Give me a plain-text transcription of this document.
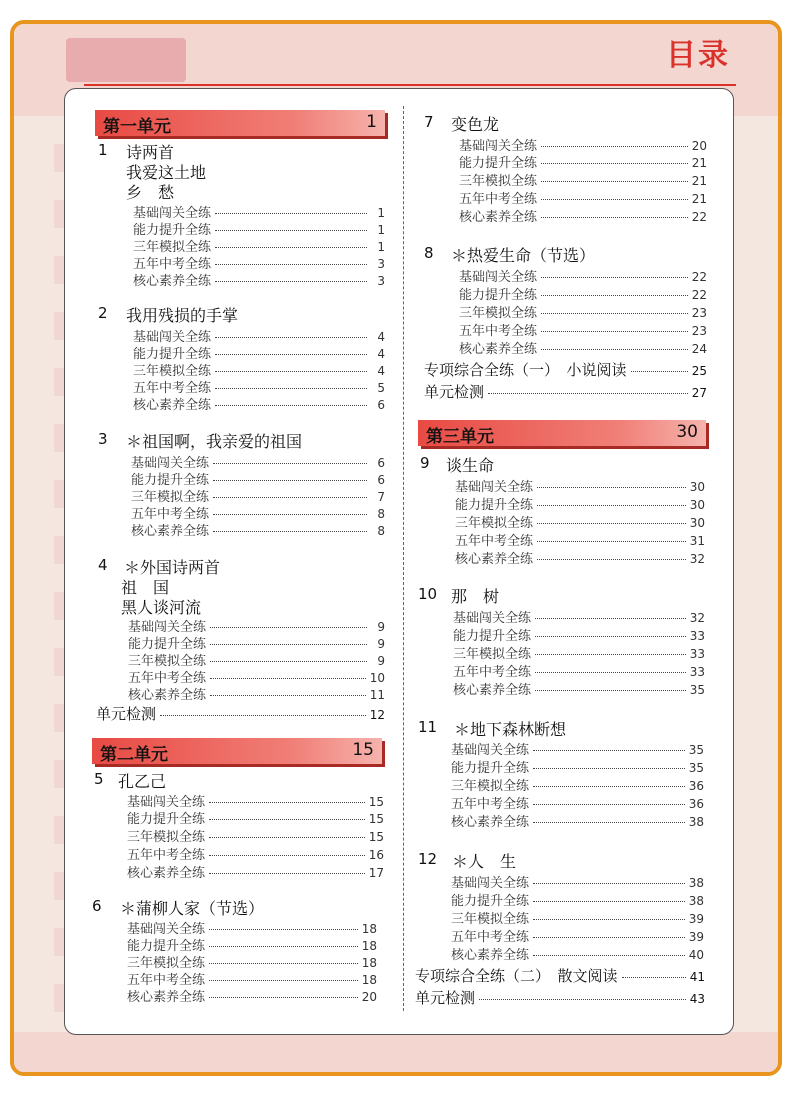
目录
第一单元	1
1 诗两首
我爱这土地
乡　愁
基础闯关全练	1
能力提升全练	1
三年模拟全练	1
五年中考全练	3
核心素养全练	3
2 我用残损的手掌
基础闯关全练	4
能力提升全练	4
三年模拟全练	4
五年中考全练	5
核心素养全练	6
3 ＊祖国啊，我亲爱的祖国
基础闯关全练	6
能力提升全练	6
三年模拟全练	7
五年中考全练	8
核心素养全练	8
4 ＊外国诗两首
祖　国
黑人谈河流
基础闯关全练	9
能力提升全练	9
三年模拟全练	9
五年中考全练	10
核心素养全练	11
单元检测	12
第二单元	15
5 孔乙己
基础闯关全练	15
能力提升全练	15
三年模拟全练	15
五年中考全练	16
核心素养全练	17
6 ＊蒲柳人家（节选）
基础闯关全练	18
能力提升全练	18
三年模拟全练	18
五年中考全练	18
核心素养全练	20
7 变色龙
基础闯关全练	20
能力提升全练	21
三年模拟全练	21
五年中考全练	21
核心素养全练	22
8 ＊热爱生命（节选）
基础闯关全练	22
能力提升全练	22
三年模拟全练	23
五年中考全练	23
核心素养全练	24
专项综合全练（一）　小说阅读	25
单元检测	27
第三单元	30
9 谈生命
基础闯关全练	30
能力提升全练	30
三年模拟全练	30
五年中考全练	31
核心素养全练	32
10 那　树
基础闯关全练	32
能力提升全练	33
三年模拟全练	33
五年中考全练	33
核心素养全练	35
11 ＊地下森林断想
基础闯关全练	35
能力提升全练	35
三年模拟全练	36
五年中考全练	36
核心素养全练	38
12 ＊人　生
基础闯关全练	38
能力提升全练	38
三年模拟全练	39
五年中考全练	39
核心素养全练	40
专项综合全练（二）　散文阅读	41
单元检测	43
